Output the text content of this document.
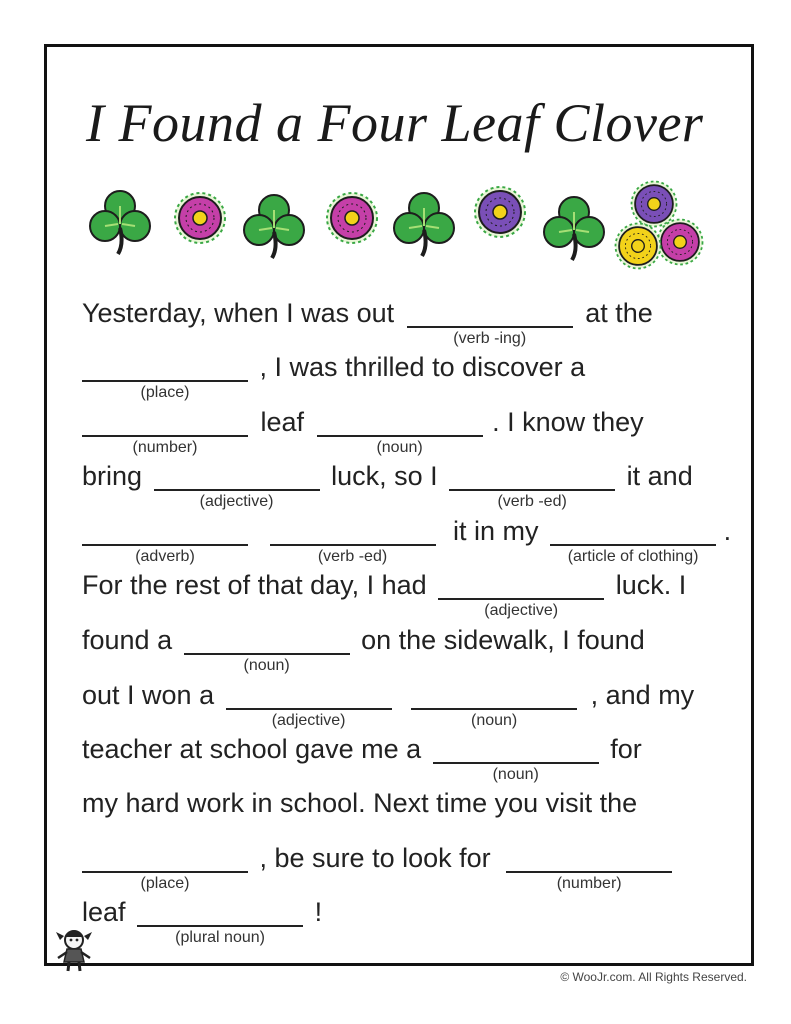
I Found a Four Leaf Clover
Yesterday, when I was out
(verb -ing)
at the
(place)
, I was thrilled to discover a
(number)
leaf
(noun)
. I know they
bring
(adjective)
luck, so I
(verb -ed)
it and
(adverb)
	(verb -ed)
it in my
(article of clothing)
.
For the rest of that day, I had
(adjective)
luck. I
found a
(noun)
on the sidewalk, I found
out I won a
(adjective)
	(noun)
, and my
teacher at school gave me a
(noun)
for
my hard work in school. Next time you visit the
(place)
, be sure to look for
(number)
leaf
(plural noun)
!
© WooJr.com. All Rights Reserved.
